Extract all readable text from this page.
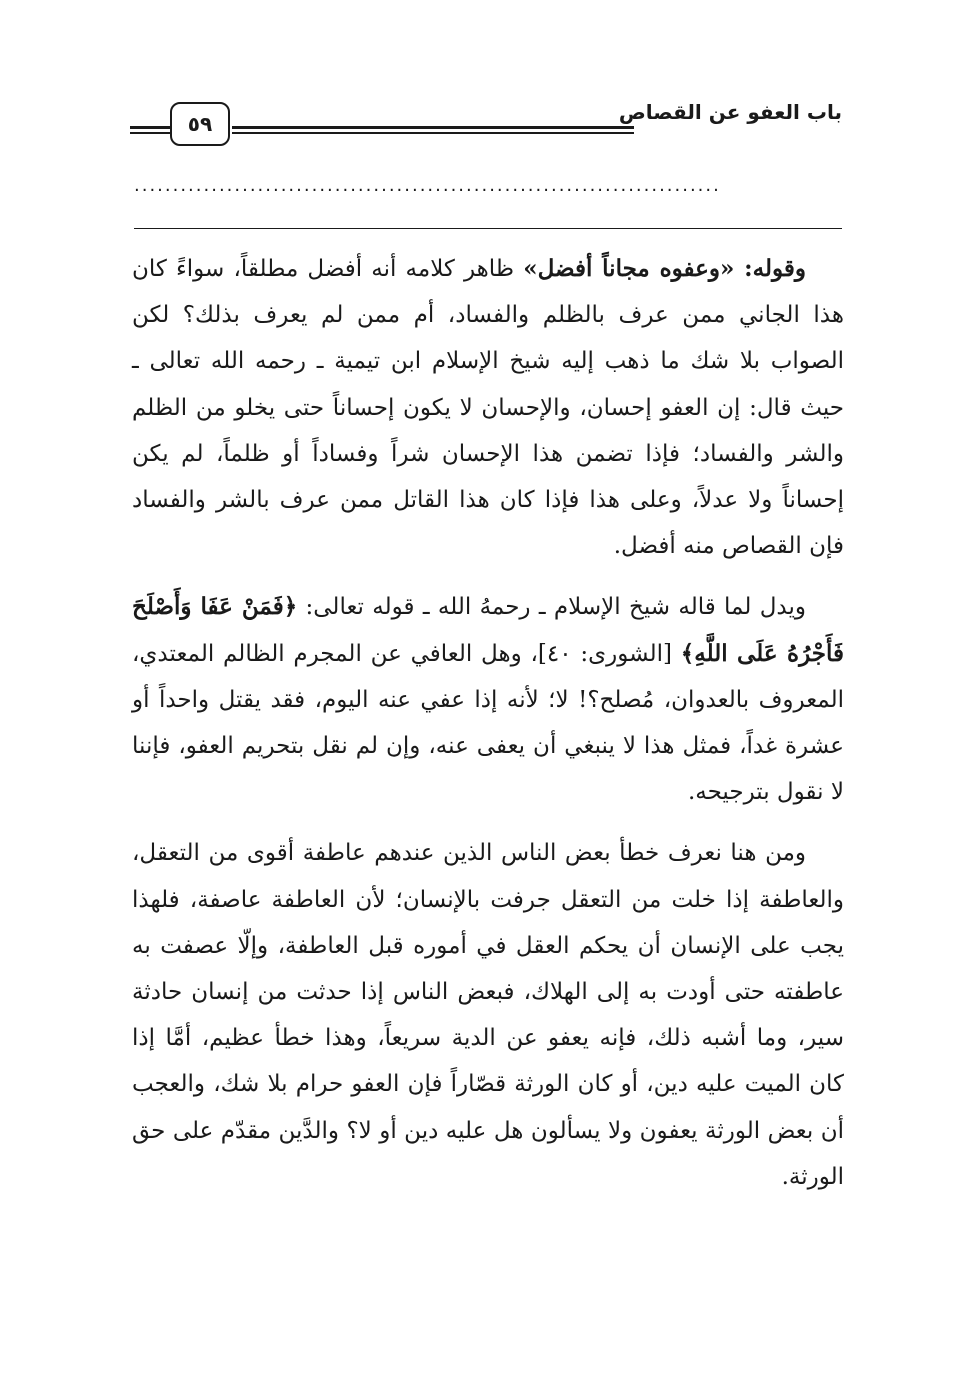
باب العفو عن القصاص
٥٩
............................................................................

وقوله: «وعفوه مجاناً أفضل» ظاهر كلامه أنه أفضل مطلقاً، سواءً كان هذا الجاني ممن عرف بالظلم والفساد، أم ممن لم يعرف بذلك؟ لكن الصواب بلا شك ما ذهب إليه شيخ الإسلام ابن تيمية ـ رحمه الله تعالى ـ حيث قال: إن العفو إحسان، والإحسان لا يكون إحساناً حتى يخلو من الظلم والشر والفساد؛ فإذا تضمن هذا الإحسان شراً وفساداً أو ظلماً، لم يكن إحساناً ولا عدلاً، وعلى هذا فإذا كان هذا القاتل ممن عرف بالشر والفساد فإن القصاص منه أفضل.

ويدل لما قاله شيخ الإسلام ـ رحمهُ الله ـ قوله تعالى: ﴿فَمَنْ عَفَا وَأَصْلَحَ فَأَجْرُهُ عَلَى اللَّهِ﴾ [الشورى: ٤٠]، وهل العافي عن المجرم الظالم المعتدي، المعروف بالعدوان، مُصلح؟! لا؛ لأنه إذا عفي عنه اليوم، فقد يقتل واحداً أو عشرة غداً، فمثل هذا لا ينبغي أن يعفى عنه، وإن لم نقل بتحريم العفو، فإننا لا نقول بترجيحه.

ومن هنا نعرف خطأ بعض الناس الذين عندهم عاطفة أقوى من التعقل، والعاطفة إذا خلت من التعقل جرفت بالإنسان؛ لأن العاطفة عاصفة، فلهذا يجب على الإنسان أن يحكم العقل في أموره قبل العاطفة، وإلّا عصفت به عاطفته حتى أودت به إلى الهلاك، فبعض الناس إذا حدثت من إنسان حادثة سير، وما أشبه ذلك، فإنه يعفو عن الدية سريعاً، وهذا خطأ عظيم، أمَّا إذا كان الميت عليه دين، أو كان الورثة قصّاراً فإن العفو حرام بلا شك، والعجب أن بعض الورثة يعفون ولا يسألون هل عليه دين أو لا؟ والدَّين مقدّم على حق الورثة.
